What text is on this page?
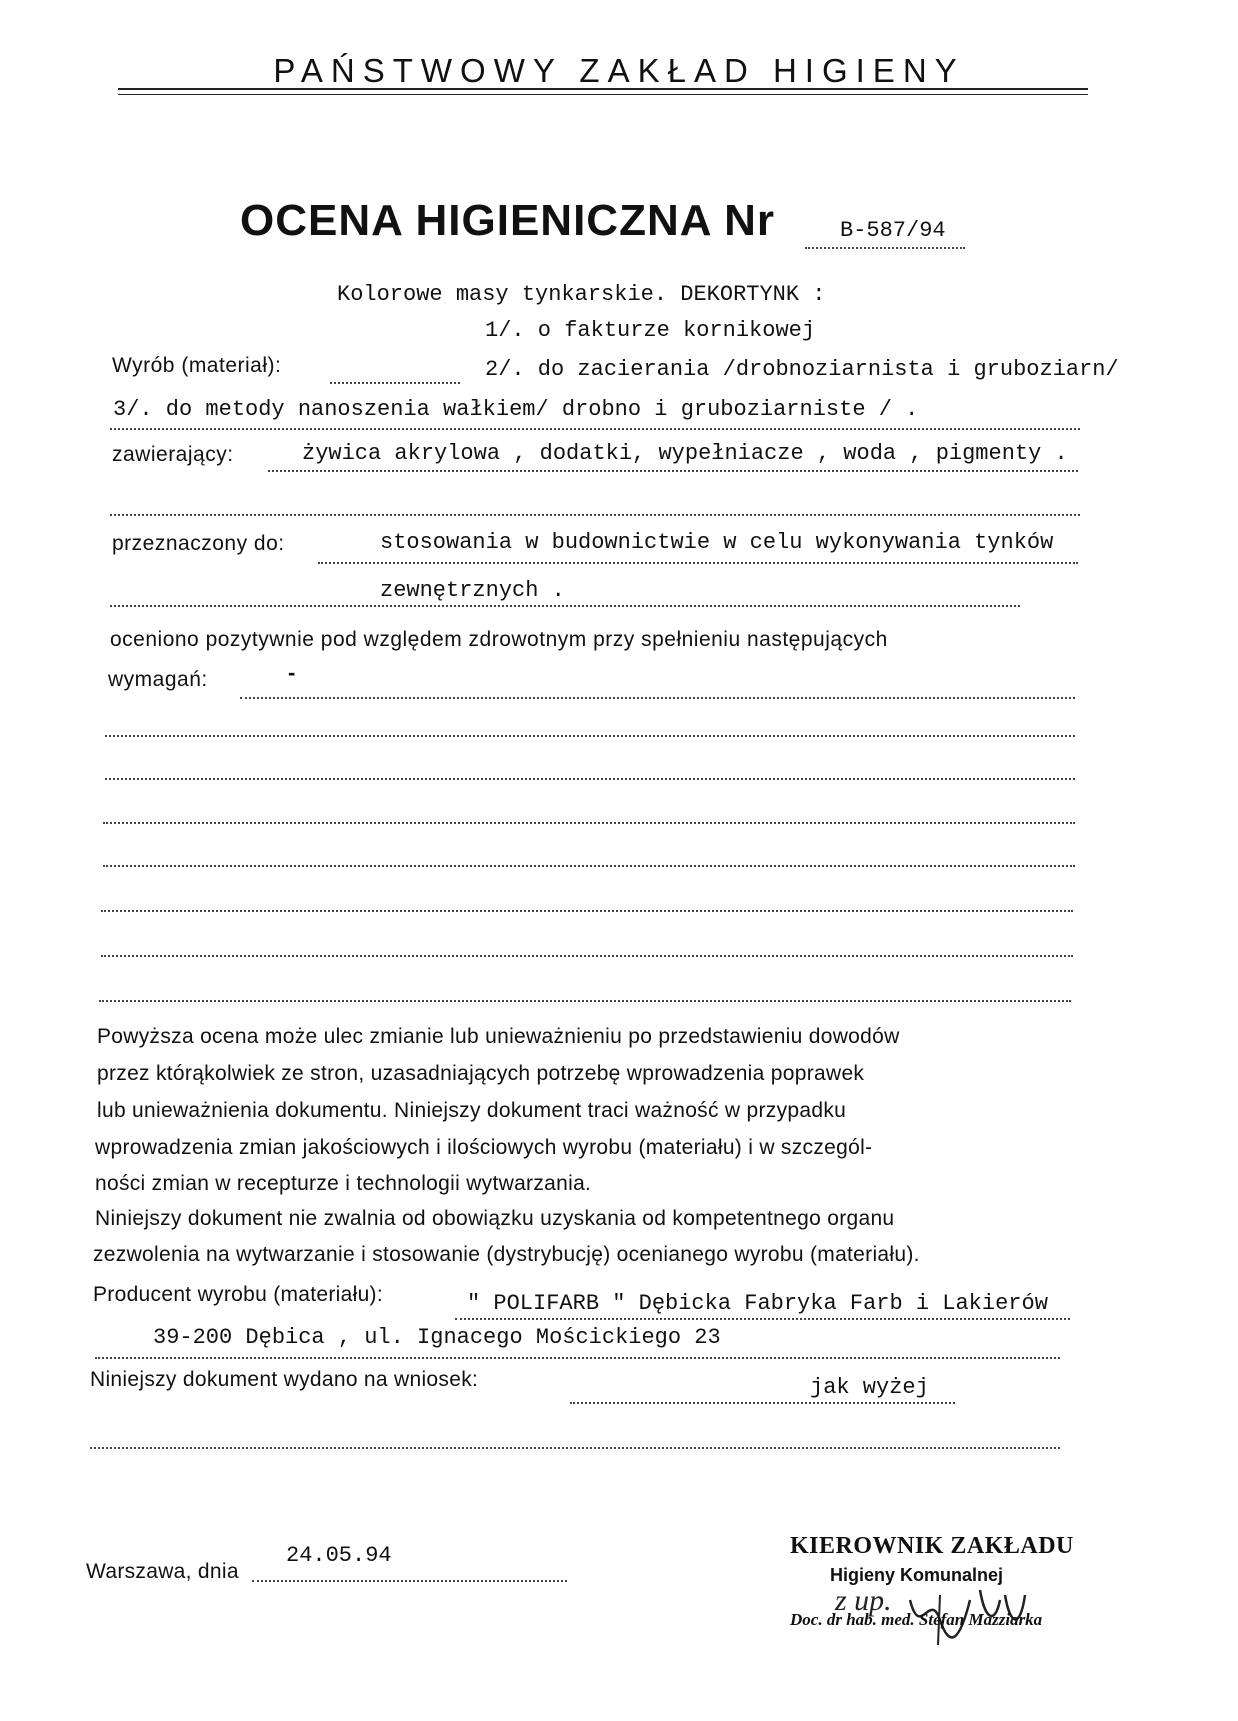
PAŃSTWOWY ZAKŁAD HIGIENY
OCENA HIGIENICZNA Nr	B-587/94
Kolorowe masy tynkarskie. DEKORTYNK :
1/. o fakturze kornikowej
Wyrób (materiał):	2/. do zacierania /drobnoziarnista i gruboziarn/
3/. do metody nanoszenia wałkiem/ drobno i gruboziarniste / .
zawierający:	żywica akrylowa , dodatki, wypełniacze , woda , pigmenty .
przeznaczony do:	stosowania w budownictwie w celu wykonywania tynków
zewnętrznych .
oceniono pozytywnie pod względem zdrowotnym przy spełnieniu następujących
wymagań:	-
Powyższa ocena może ulec zmianie lub unieważnieniu po przedstawieniu dowodów
przez którąkolwiek ze stron, uzasadniających potrzebę wprowadzenia poprawek
lub unieważnienia dokumentu. Niniejszy dokument traci ważność w przypadku
wprowadzenia zmian jakościowych i ilościowych wyrobu (materiału) i w szczegól-
ności zmian w recepturze i technologii wytwarzania.
Niniejszy dokument nie zwalnia od obowiązku uzyskania od kompetentnego organu
zezwolenia na wytwarzanie i stosowanie (dystrybucję) ocenianego wyrobu (materiału).
Producent wyrobu (materiału):	" POLIFARB " Dębicka Fabryka Farb i Lakierów
39-200 Dębica , ul. Ignacego Mościckiego 23
Niniejszy dokument wydano na wniosek:	jak wyżej
Warszawa, dnia
24.05.94	KIEROWNIK ZAKŁADU
Higieny Komunalnej
z up.
Doc. dr hab. med. Stefan Mazziarka
